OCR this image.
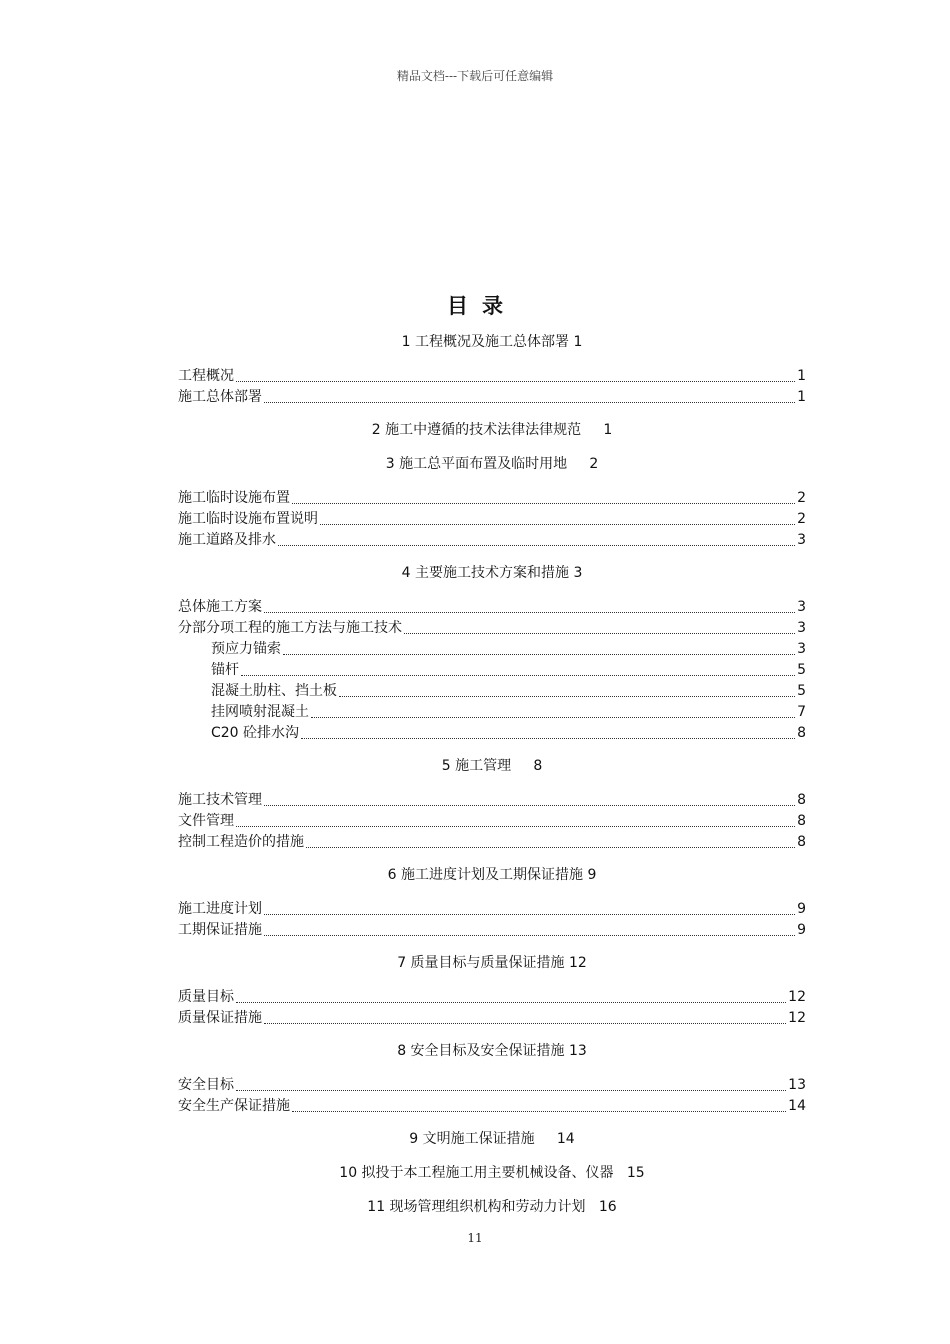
精品文档---下载后可任意编辑
目录
1 工程概况及施工总体部署 1
工程概况	1
施工总体部署	1
2 施工中遵循的技术法律法律规范     1
3 施工总平面布置及临时用地     2
施工临时设施布置	2
施工临时设施布置说明	2
施工道路及排水	3
4 主要施工技术方案和措施 3
总体施工方案	3
分部分项工程的施工方法与施工技术	3
预应力锚索	3
锚杆	5
混凝土肋柱、挡土板	5
挂网喷射混凝土	7
C20 砼排水沟	8
5 施工管理     8
施工技术管理	8
文件管理	8
控制工程造价的措施	8
6 施工进度计划及工期保证措施 9
施工进度计划	9
工期保证措施	9
7 质量目标与质量保证措施 12
质量目标	12
质量保证措施	12
8 安全目标及安全保证措施 13
安全目标	13
安全生产保证措施	14
9 文明施工保证措施     14
10 拟投于本工程施工用主要机械设备、仪器   15
11 现场管理组织机构和劳动力计划   16
11
